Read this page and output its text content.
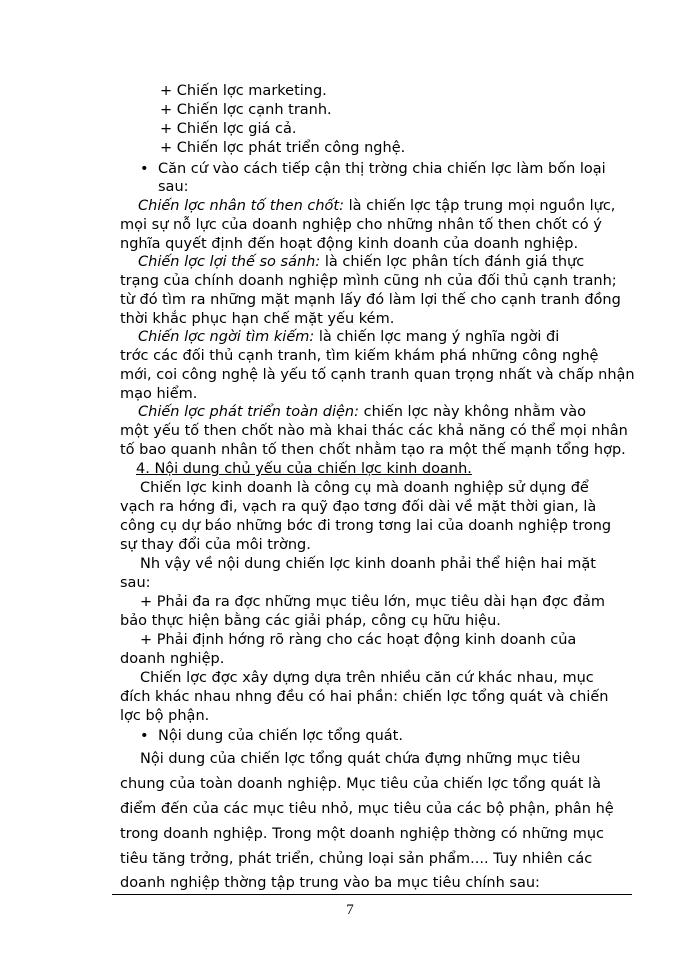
+ Chiến lợc marketing.
+ Chiến lợc cạnh tranh.
+ Chiến lợc giá cả.
+ Chiến lợc phát triển công nghệ.
• Căn cứ vào cách tiếp cận thị trờng chia chiến lợc làm bốn loại
sau:
Chiến lợc nhân tố then chốt: là chiến lợc tập trung mọi nguồn lực,
mọi sự nỗ lực của doanh nghiệp cho những nhân tố then chốt có ý
nghĩa quyết định đến hoạt động kinh doanh của doanh nghiệp.
Chiến lợc lợi thế so sánh: là chiến lợc phân tích đánh giá thực
trạng của chính doanh nghiệp mình cũng nh của đối thủ cạnh tranh;
từ đó tìm ra những mặt mạnh lấy đó làm lợi thế cho cạnh tranh đồng
thời khắc phục hạn chế mặt yếu kém.
Chiến lợc ngời tìm kiếm: là chiến lợc mang ý nghĩa ngời đi
trớc các đối thủ cạnh tranh, tìm kiếm khám phá những công nghệ
mới, coi công nghệ là yếu tố cạnh tranh quan trọng nhất và chấp nhận
mạo hiểm.
Chiến lợc phát triển toàn diện: chiến lợc này không nhằm vào
một yếu tố then chốt nào mà khai thác các khả năng có thể mọi nhân
tố bao quanh nhân tố then chốt nhằm tạo ra một thế mạnh tổng hợp.
4. Nội dung chủ yếu của chiến lợc kinh doanh.
Chiến lợc kinh doanh là công cụ mà doanh nghiệp sử dụng để
vạch ra hớng đi, vạch ra quỹ đạo tơng đối dài về mặt thời gian, là
công cụ dự báo những bớc đi trong tơng lai của doanh nghiệp trong
sự thay đổi của môi trờng.
Nh vậy về nội dung chiến lợc kinh doanh phải thể hiện hai mặt
sau:
+ Phải đa ra đợc những mục tiêu lớn, mục tiêu dài hạn đợc đảm
bảo thực hiện bằng các giải pháp, công cụ hữu hiệu.
+ Phải định hớng rõ ràng cho các hoạt động kinh doanh của
doanh nghiệp.
Chiến lợc đợc xây dựng dựa trên nhiều căn cứ khác nhau, mục
đích khác nhau nhng đều có hai phần: chiến lợc tổng quát và chiến
lợc bộ phận.
• Nội dung của chiến lợc tổng quát.
Nội dung của chiến lợc tổng quát chứa đựng những mục tiêu
chung của toàn doanh nghiệp. Mục tiêu của chiến lợc tổng quát là
điểm đến của các mục tiêu nhỏ, mục tiêu của các bộ phận, phân hệ
trong doanh nghiệp. Trong một doanh nghiệp thờng có những mục
tiêu tăng trởng, phát triển, chủng loại sản phẩm.... Tuy nhiên các
doanh nghiệp thờng tập trung vào ba mục tiêu chính sau:
7
